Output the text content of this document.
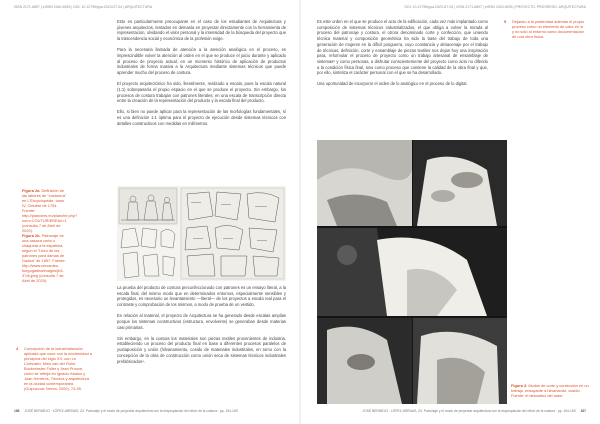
ISSN 2171-6897 | eISSN 2340-6933 | DOI: 10.12795/ppa.2023.i27.04 | ARQUITECTURA	DOI: 10.12795/ppa.2023.i27.04 | ISSN 2171-6897 | eISSN 2340-6933 | PROYECTO, PROGRESO, ARQUITECTURA

Esto es particularmente preocupante en el caso de los estudiantes de Arquitectura y jóvenes arquitectos, tentados en demasía en proyectar directamente con la herramienta de representación, olvidando el valor personal y la intensidad de la búsqueda del proyecto que la trascendencia social y económica de la profesión exige.

Para la necesaria llamada de atención a la atención analógica en el proceso, es imprescindible volver la atención al orden en el que se produce el juicio durante y aplicado al proceso de proyecto actual, en un momento histórico de aplicación de productos industriales de forma masiva a la Arquitectura mediante sistemas técnicos que puede aprender mucho del proceso de costura.

El proyecto arquitectónico ha sido, literalmente, realizado a escala, pues la escala natural (1:1) sobrepasaría el propio espacio en el que se produce el proyecto. Sin embargo, los procesos de costura trabajan con patrones literales, en una escala de transcripción directa entre la creación de la representación del producto y la escala final del producto.

Ello, si bien no puede aplicar para la representación de las morfologías fundamentales, sí es una definición 1:1 óptima para el proyecto de ejecución desde sistemas técnicos con detalles constructivos con medidas en milímetros.

Figura 2a. Definición de las labores de "costurera" en L'Encyclopédie, tomo IV, Octubre de 1754. Fuente: http://planches.eu/planche.php?nom=COUTURIERE&v=1 (consulta 7 de Abril de 2020).
Figura 2b. Patronaje de una casaca corta o chaqueta a la española, según el "Libro de los patrones para damas de Gadea" de 1857. Fuente: http://www.cervantes-fuegogadea/images/jb3-37dt.jpeg (consulta 7 de Abril de 2020).

La prueba del producto de costura preconfeccionado con patrones es un ensayo literal, a la escala final, del mismo modo que en determinados entornos, especialmente sensibles y protegidos, es necesario un levantamiento —literal— de los proyectos a escala real para el contraste y comprobación de los mismos, a modo de prueba de un vestido.

En relación al material, el proyecto de Arquitectura se ha generado desde escalas amplias porque los sistemas constructivos (estructura, envolvente) se generaban desde materias casi primarias.

Sin embargo, en la costura los materiales son piezas textiles provenientes de industria, estableciendo un proceso del producto final en base a diferentes procesos paralelos de yuxtaposición y unión (hilvanamiento, cosido de materiales industriales, en torno con la concepción de la obra de construcción como unión seca de sistemas técnicos industriales prefabricados⁴.

4	Concepción de la industrialización aplicada que nace con la modernidad a principios del siglo XX, con Le Corbusier, Mies van der Rohe, Buckminster Fuller y Jean Prouvé, como se refleja en Ignacio Abalos y Juan Herreros, Técnica y arquitectura en la ciudad contemporánea (Guipúzcoa: Nerea, 2000), 74-95.
166 JOSÉ BERMEJO · LÓPEZ-ARENAS, Z4. Patronaje y el modo de proyectar arquitectura con la reapropiación del oficio de la costura · pp. 154-169

Es este orden en el que se produce el acto de la edificación, cada vez más implantado como composición de sistemas técnicos industrializados, el que obliga a volver la mirada al proceso del patronaje y costura, el otrora denominado corte y confección, que uniendo técnica material y composición geométrica ha sido la base del trabajo de toda una generación de mujeres en la difícil posguerra, cuyo constancia y almacenaje por el trabajo de técnicas, definición, corte y ensamblaje de piezas textiles nos dejan hoy una inspiración para, reformular el proceso de proyecto como un trabajo artesanal de ensamblaje de sistemas⁵ y como personas, a disfrutar conscientemente del proyecto como acto no diferido a la condición física final, sino como proceso que contiene la calidad de la obra final y que, por ello, sintetiza el carácter personal con el que se ha desarrollado.

Una oportunidad de incorporar el orden de lo analógico en el proceso de lo digital.

5	Dejando a la posteridad además el propio proceso como un elemento de valor en sí y no sólo al entorno como documentación de una obra física.
Figura 3. Modos de corte y confección en un trabajo, ensayante a hilvanando, cosido. Fuente: el descartuz del autor.
JOSÉ BERMEJO · LÓPEZ-ARENAS, Z4. Patronaje y el modo de proyectar arquitectura con la reapropiación del oficio de la costura · pp. 154-169 167
